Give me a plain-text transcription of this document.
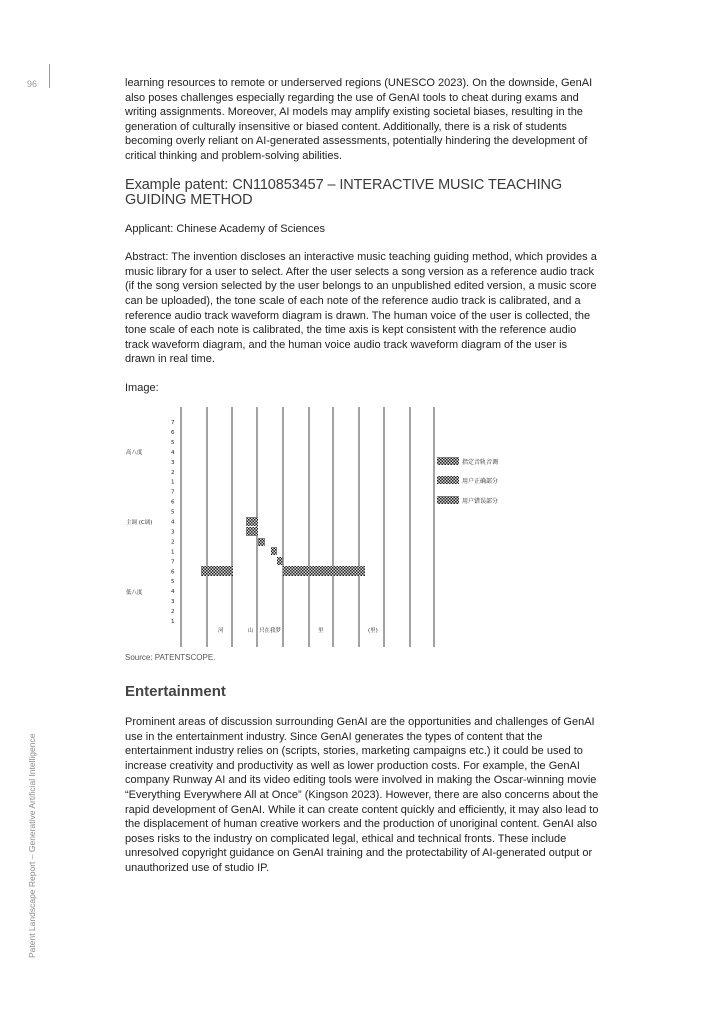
96
Patent Landscape Report – Generative Artificial Intelligence

learning resources to remote or underserved regions (UNESCO 2023). On the downside, GenAI also poses challenges especially regarding the use of GenAI tools to cheat during exams and writing assignments. Moreover, AI models may amplify existing societal biases, resulting in the generation of culturally insensitive or biased content. Additionally, there is a risk of students becoming overly reliant on AI-generated assessments, potentially hindering the development of critical thinking and problem-solving abilities.

Example patent: CN110853457 – INTERACTIVE MUSIC TEACHING GUIDING METHOD

Applicant: Chinese Academy of Sciences

Abstract: The invention discloses an interactive music teaching guiding method, which provides a music library for a user to select. After the user selects a song version as a reference audio track (if the song version selected by the user belongs to an unpublished edited version, a music score can be uploaded), the tone scale of each note of the reference audio track is calibrated, and a reference audio track waveform diagram is drawn. The human voice of the user is collected, the tone scale of each note is calibrated, the time axis is kept consistent with the reference audio track waveform diagram, and the human voice audio track waveform diagram of the user is drawn in real time.

Image:

7
6
5
4
3
2
1
7
6
5
4
3
2
1
7
6
5
4
3
2
1
高八度
主调 (C调)
低八度
指定音轨音调
用户正确部分
用户错误部分
河	山 只在我梦	里	(里)
Source: PATENTSCOPE.
Entertainment

Prominent areas of discussion surrounding GenAI are the opportunities and challenges of GenAI use in the entertainment industry. Since GenAI generates the types of content that the entertainment industry relies on (scripts, stories, marketing campaigns etc.) it could be used to increase creativity and productivity as well as lower production costs. For example, the GenAI company Runway AI and its video editing tools were involved in making the Oscar-winning movie “Everything Everywhere All at Once” (Kingson 2023). However, there are also concerns about the rapid development of GenAI. While it can create content quickly and efficiently, it may also lead to the displacement of human creative workers and the production of unoriginal content. GenAI also poses risks to the industry on complicated legal, ethical and technical fronts. These include unresolved copyright guidance on GenAI training and the protectability of AI-generated output or unauthorized use of studio IP.
